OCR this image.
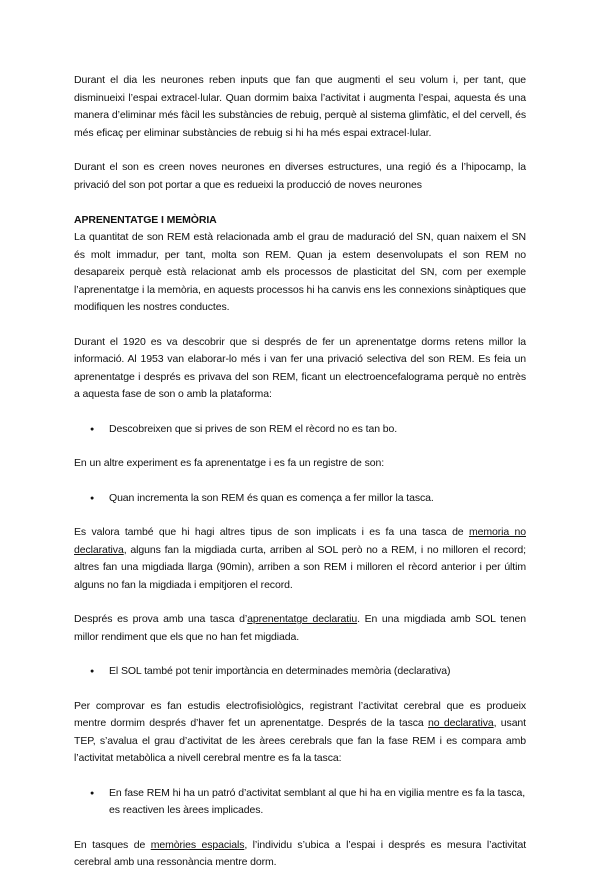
Durant el dia les neurones reben inputs que fan que augmenti el seu volum i, per tant, que disminueixi l’espai extracel·lular. Quan dormim baixa l’activitat i augmenta l’espai, aquesta és una manera d’eliminar més fàcil les substàncies de rebuig, perquè al sistema glimfàtic, el del cervell, és més eficaç per eliminar substàncies de rebuig si hi ha més espai extracel·lular.

Durant el son es creen noves neurones en diverses estructures, una regió és a l’hipocamp, la privació del son pot portar a que es redueixi la producció de noves neurones

APRENENTATGE I MEMÒRIA

La quantitat de son REM està relacionada amb el grau de maduració del SN, quan naixem el SN és molt immadur, per tant, molta son REM. Quan ja estem desenvolupats el son REM no desapareix perquè està relacionat amb els processos de plasticitat del SN, com per exemple l’aprenentatge i la memòria, en aquests processos hi ha canvis ens les connexions sinàptiques que modifiquen les nostres conductes.

Durant el 1920 es va descobrir que si després de fer un aprenentatge dorms retens millor la informació. Al 1953 van elaborar-lo més i van fer una privació selectiva del son REM. Es feia un aprenentatge i després es privava del son REM, ficant un electroencefalograma perquè no entrès a aquesta fase de son o amb la plataforma:

● Descobreixen que si prives de son REM el rècord no es tan bo.

En un altre experiment es fa aprenentatge i es fa un registre de son:

● Quan incrementa la son REM és quan es comença a fer millor la tasca.

Es valora també que hi hagi altres tipus de son implicats i es fa una tasca de memoria no declarativa, alguns fan la migdiada curta, arriben al SOL però no a REM, i no milloren el record; altres fan una migdiada llarga (90min), arriben a son REM i milloren el rècord anterior i per últim alguns no fan la migdiada i empitjoren el record.

Després es prova amb una tasca d’aprenentatge declaratiu. En una migdiada amb SOL tenen millor rendiment que els que no han fet migdiada.

● El SOL també pot tenir importància en determinades memòria (declarativa)

Per comprovar es fan estudis electrofisiològics, registrant l’activitat cerebral que es produeix mentre dormim després d’haver fet un aprenentatge. Després de la tasca no declarativa, usant TEP, s’avalua el grau d’activitat de les àrees cerebrals que fan la fase REM i es compara amb l’activitat metabòlica a nivell cerebral mentre es fa la tasca:

● En fase REM hi ha un patró d’activitat semblant al que hi ha en vigilia mentre es fa la tasca, es reactiven les àrees implicades.

En tasques de memòries espacials, l’individu s’ubica a l’espai i després es mesura l’activitat cerebral amb una ressonància mentre dorm.
